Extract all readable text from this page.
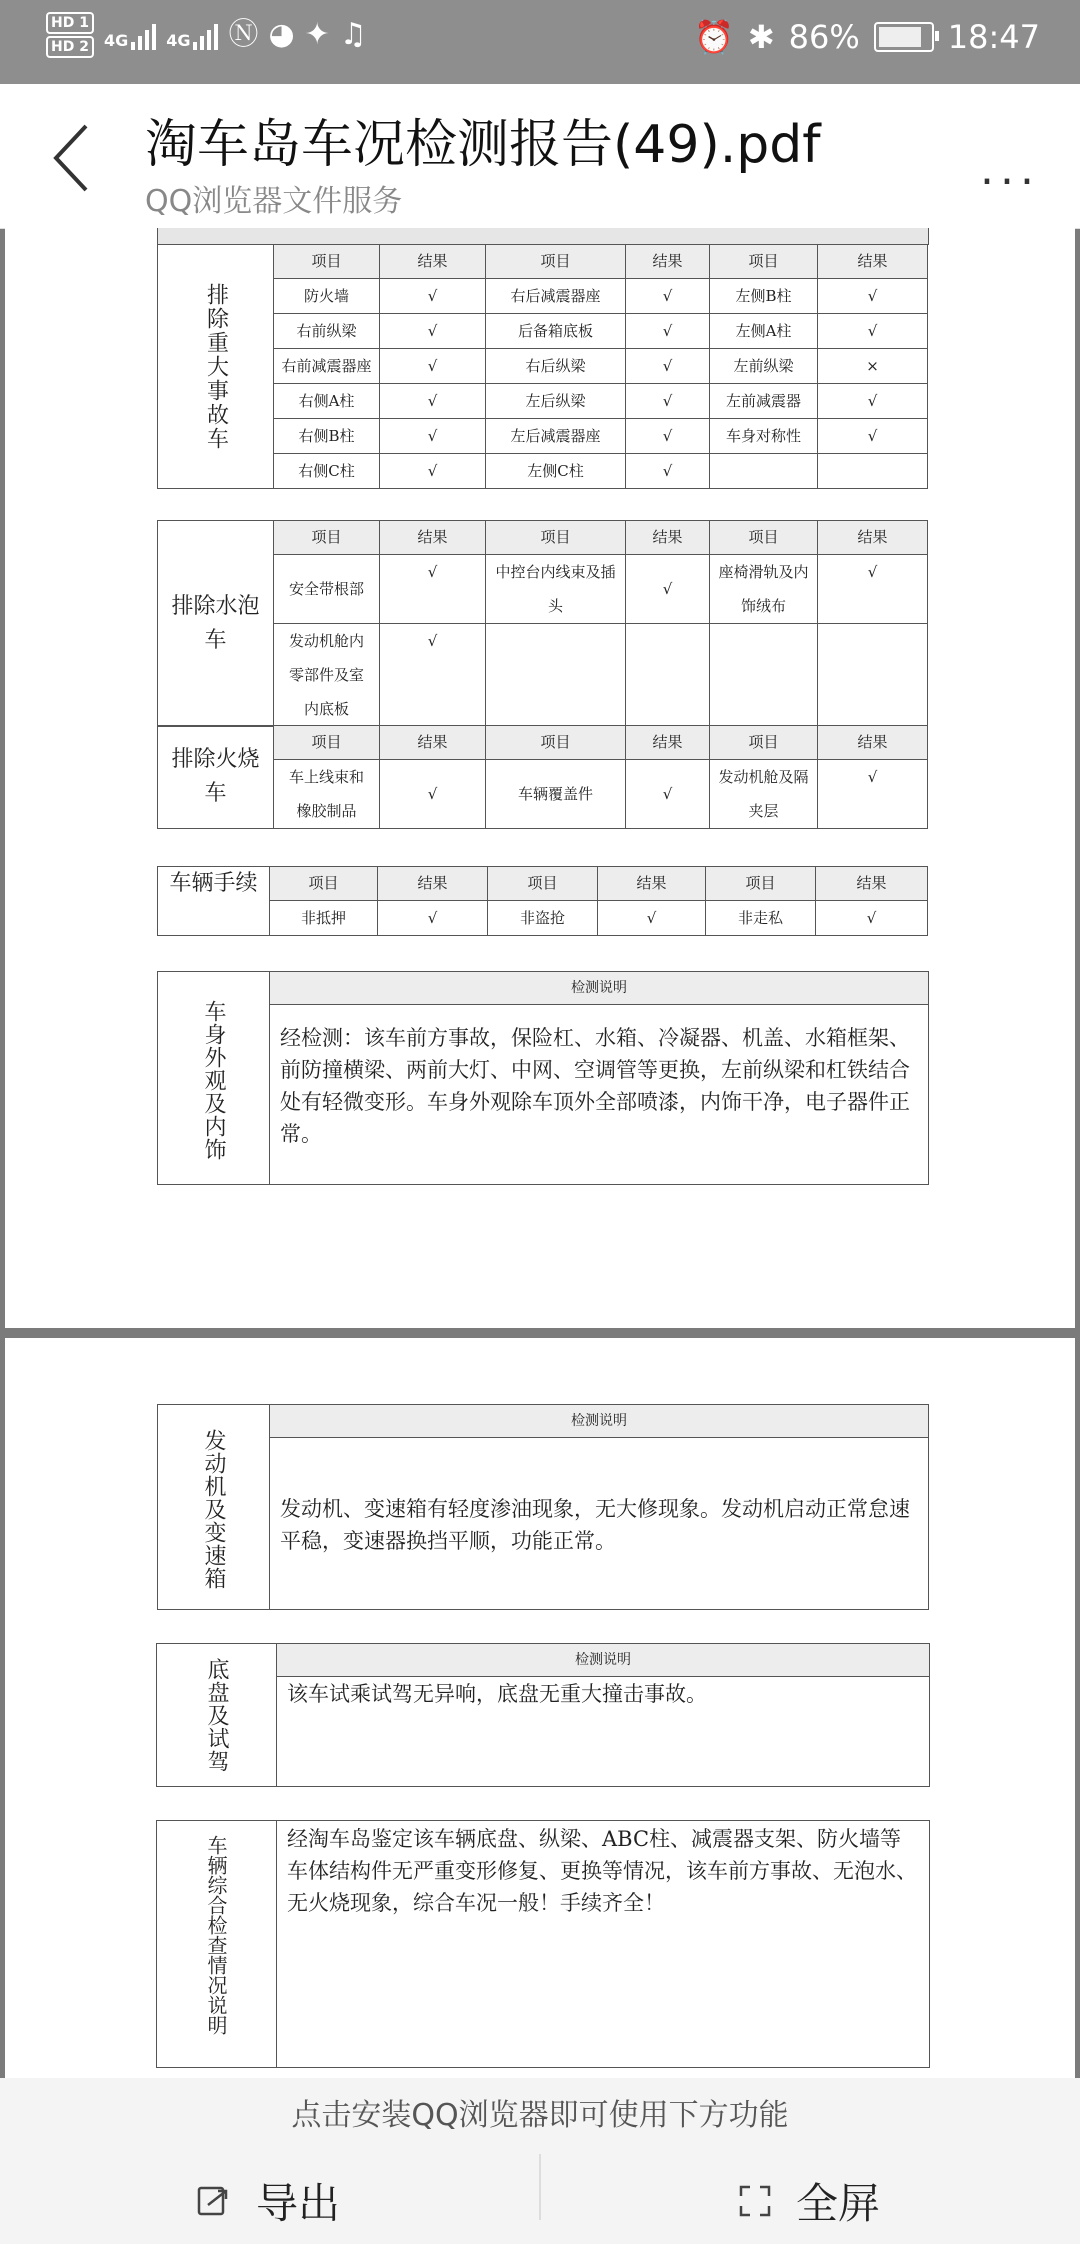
HD 1
HD 2 4G 4G Ⓝ ◕ ✦ ♫	⏰ ✱ 86%	18:47
淘车岛车况检测报告(49).pdf
QQ浏览器文件服务
...
排除重大事故车	项目	结果	项目	结果	项目	结果
	防火墙	√	右后减震器座	√	左侧B柱	√
	右前纵梁	√	后备箱底板	√	左侧A柱	√
	右前减震器座	√	右后纵梁	√	左前纵梁	×
	右侧A柱	√	左后纵梁	√	左前减震器	√
	右侧B柱	√	左后减震器座	√	车身对称性	√
	右侧C柱	√	左侧C柱	√		
排除水泡车	项目	结果	项目	结果	项目	结果
	安全带根部	√	中控台内线束及插头	√	座椅滑轨及内饰绒布	√
	发动机舱内零部件及室内底板	√				
排除火烧车	项目	结果	项目	结果	项目	结果
	车上线束和橡胶制品	√	车辆覆盖件	√	发动机舱及隔夹层	√
车辆手续	项目	结果	项目	结果	项目	结果
	非抵押	√	非盗抢	√	非走私	√
车身外观及内饰
检测说明
经检测：该车前方事故，保险杠、水箱、冷凝器、机盖、水箱框架、前防撞横梁、两前大灯、中网、空调管等更换，左前纵梁和杠铁结合处有轻微变形。车身外观除车顶外全部喷漆，内饰干净，电子器件正常。
发动机及变速箱
检测说明
发动机、变速箱有轻度渗油现象，无大修现象。发动机启动正常怠速平稳，变速器换挡平顺，功能正常。
底盘及试驾	检测说明
该车试乘试驾无异响，底盘无重大撞击事故。
车辆综合检查情况说明	经淘车岛鉴定该车辆底盘、纵梁、ABC柱、减震器支架、防火墙等车体结构件无严重变形修复、更换等情况，该车前方事故、无泡水、无火烧现象，综合车况一般！手续齐全！
点击安装QQ浏览器即可使用下方功能
导出	全屏
